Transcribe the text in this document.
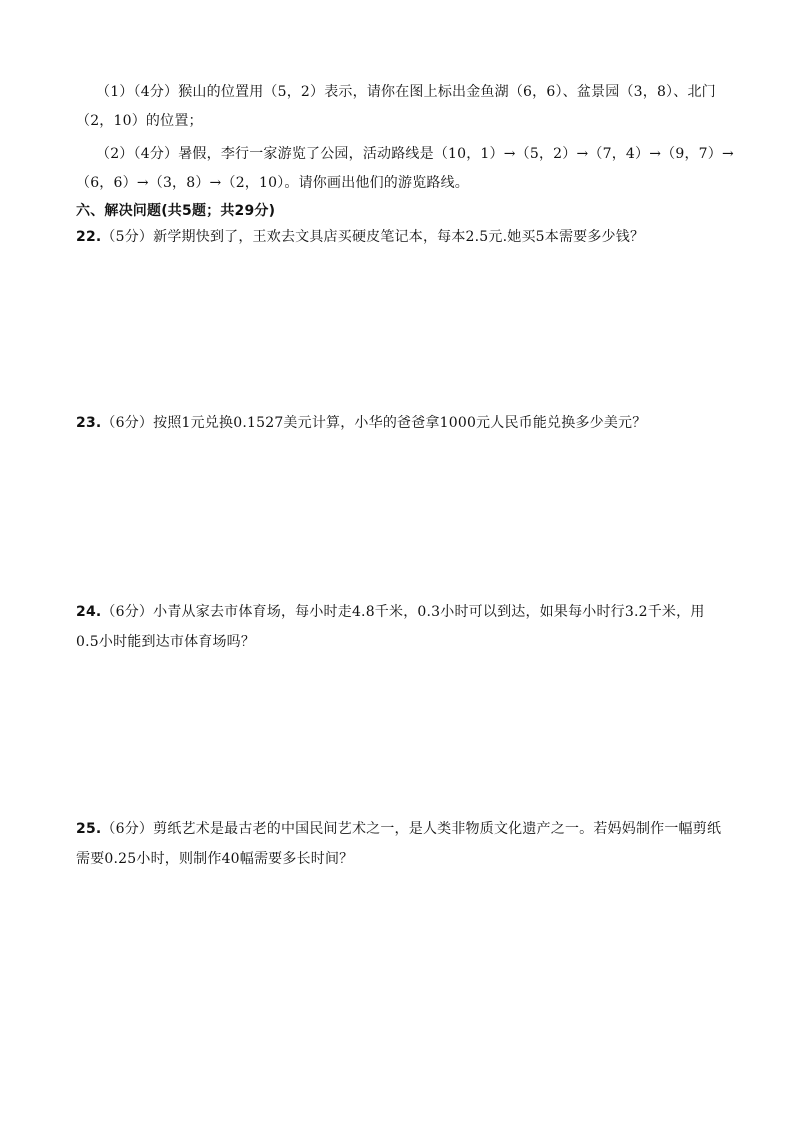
（1）（4分）猴山的位置用（5，2）表示，请你在图上标出金鱼湖（6，6）、盆景园（3，8）、北门
（2，10）的位置；
（2）（4分）暑假，李行一家游览了公园，活动路线是（10，1）→（5，2）→（7，4）→（9，7）→
（6，6）→（3，8）→（2，10）。请你画出他们的游览路线。
六、解决问题(共5题；共29分)
22.（5分）新学期快到了，王欢去文具店买硬皮笔记本，每本2.5元.她买5本需要多少钱？
23.（6分）按照1元兑换0.1527美元计算，小华的爸爸拿1000元人民币能兑换多少美元？
24.（6分）小青从家去市体育场，每小时走4.8千米，0.3小时可以到达，如果每小时行3.2千米，用
0.5小时能到达市体育场吗？
25.（6分）剪纸艺术是最古老的中国民间艺术之一，是人类非物质文化遗产之一。若妈妈制作一幅剪纸
需要0.25小时，则制作40幅需要多长时间？
